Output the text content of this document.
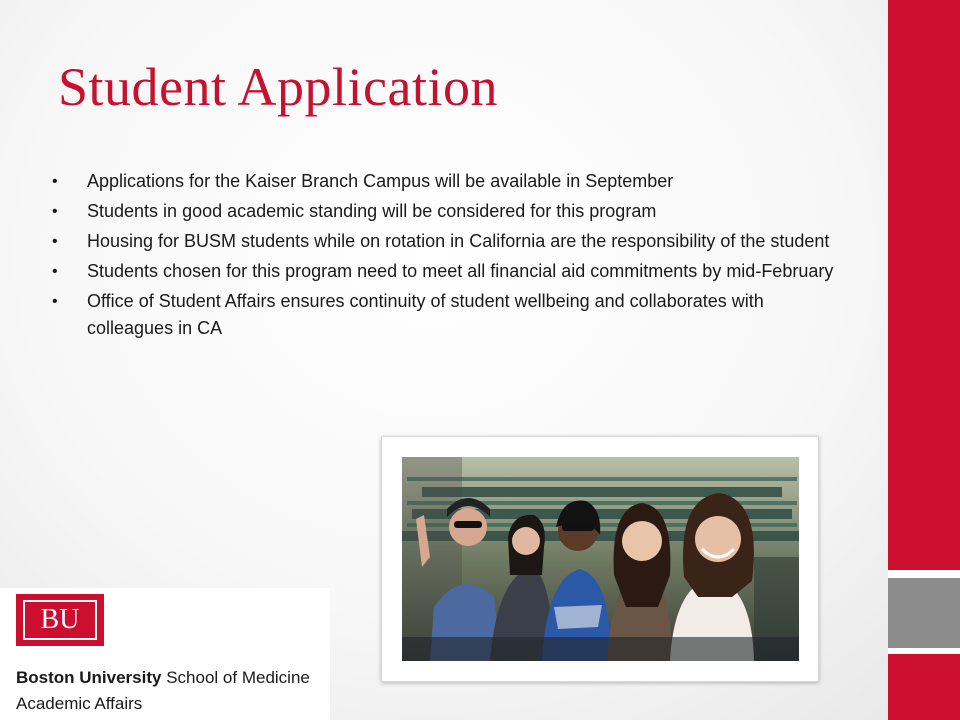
Student Application
• Applications for the Kaiser Branch Campus will be available in September
• Students in good academic standing will be considered for this program
• Housing for BUSM students while on rotation in California are the responsibility of the student
• Students chosen for this program need to meet all financial aid commitments by mid-February
• Office of Student Affairs ensures continuity of student wellbeing and collaborates with colleagues in CA
BU
Boston University School of Medicine
Academic Affairs
